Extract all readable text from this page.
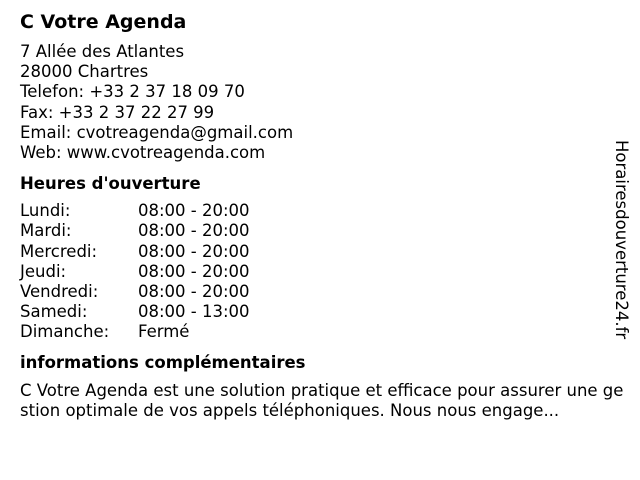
C Votre Agenda
7 Allée des Atlantes
28000 Chartres
Telefon: +33 2 37 18 09 70
Fax: +33 2 37 22 27 99
Email: cvotreagenda@gmail.com
Web: www.cvotreagenda.com
Heures d'ouverture
Lundi:	08:00 - 20:00
Mardi:	08:00 - 20:00
Mercredi:	08:00 - 20:00
Jeudi:	08:00 - 20:00
Vendredi:	08:00 - 20:00
Samedi:	08:00 - 13:00
Dimanche:	Fermé
informations complémentaires
C Votre Agenda est une solution pratique et efficace pour assurer une gestion optimale de vos appels téléphoniques. Nous nous engage...
Horairesdouverture24.fr
